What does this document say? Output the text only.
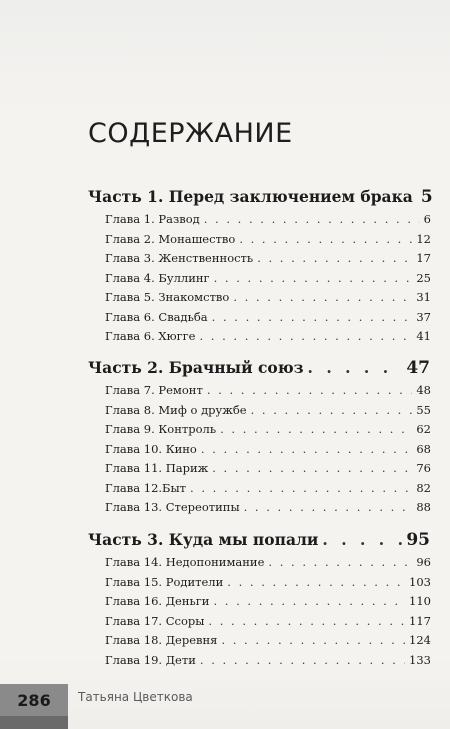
СОДЕРЖАНИЕ
Часть 1. Перед заключением брака 5
Глава 1. Развод . . .	6
Глава 2. Монашество . . .	12
Глава 3. Женственность . . .	17
Глава 4. Буллинг . . .	25
Глава 5. Знакомство . . .	31
Глава 6. Свадьба . . .	37
Глава 6. Хюгге . . .	41
Часть 2. Брачный союз . . .	47
Глава 7. Ремонт . . .	48
Глава 8. Миф о дружбе . . .	55
Глава 9. Контроль . . .	62
Глава 10. Кино . . .	68
Глава 11. Париж . . .	76
Глава 12.Быт . . .	82
Глава 13. Стереотипы . . .	88
Часть 3. Куда мы попали . . .	95
Глава 14. Недопонимание . . .	96
Глава 15. Родители . . .	103
Глава 16. Деньги . . .	110
Глава 17. Ссоры . . .	117
Глава 18. Деревня . . .	124
Глава 19. Дети . . .	133
286	Татьяна Цветкова
